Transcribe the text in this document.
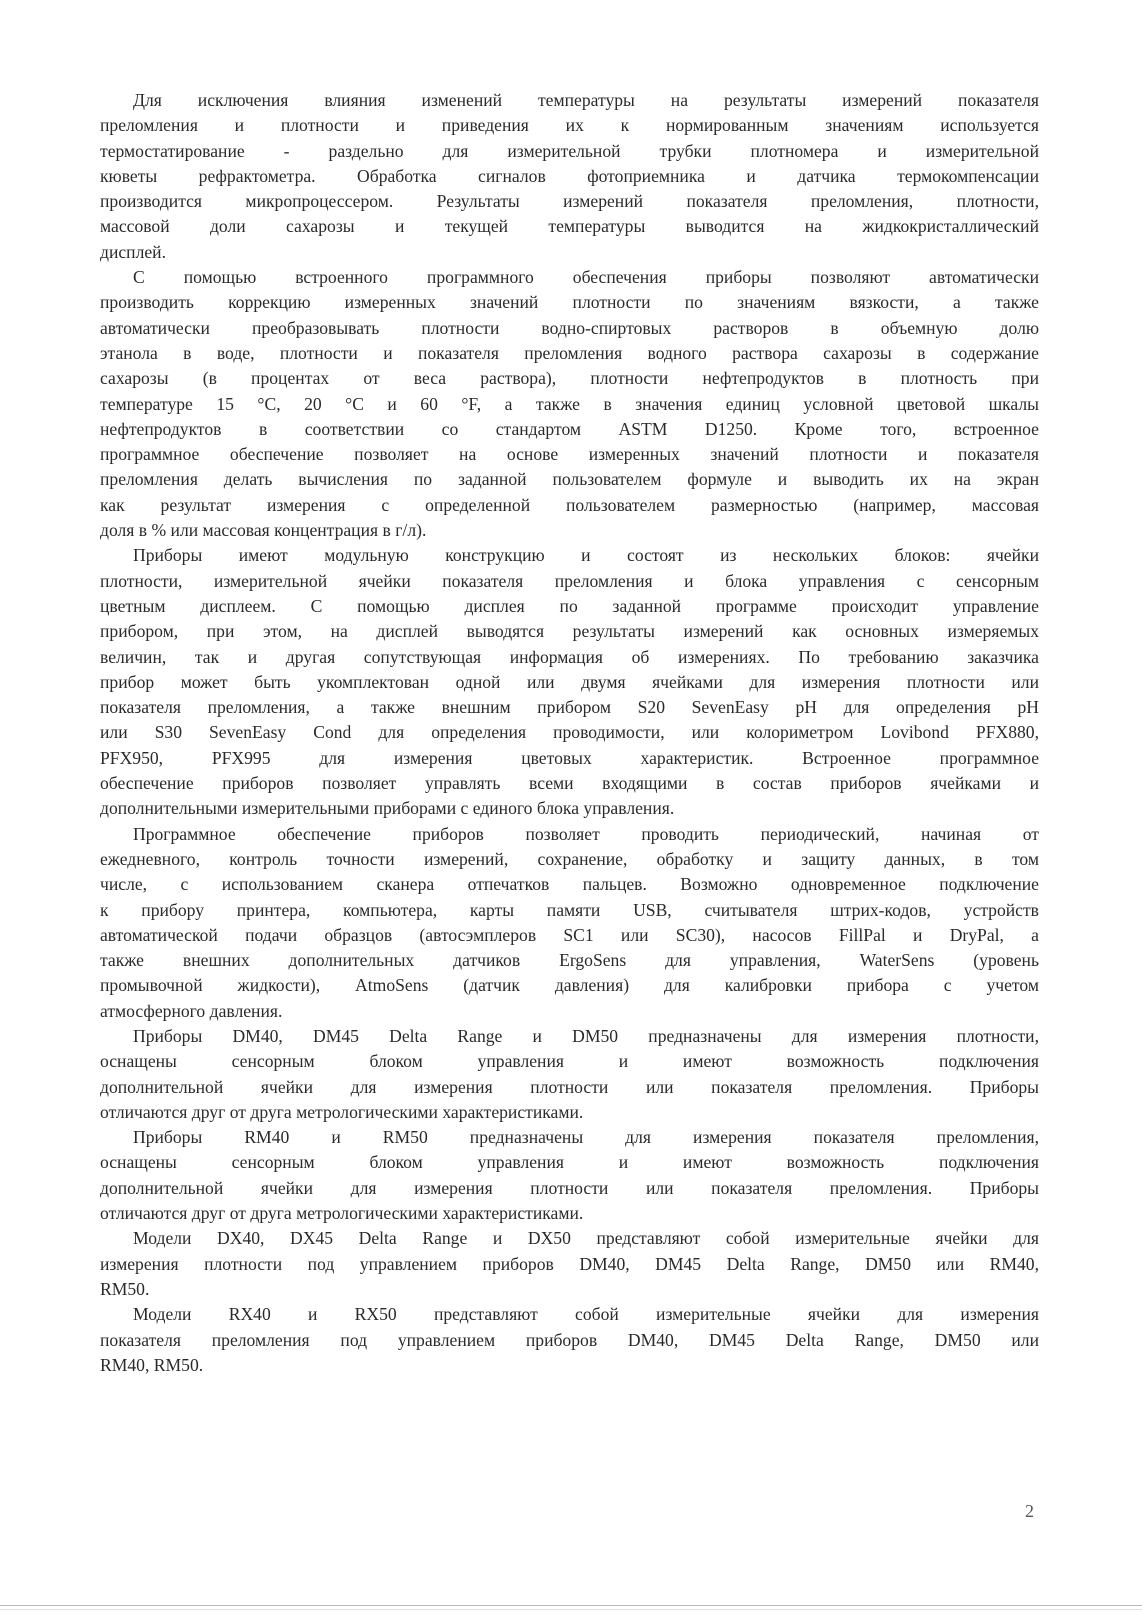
Для исключения влияния изменений температуры на результаты измерений показателя
преломления и плотности и приведения их к нормированным значениям используется
термостатирование - раздельно для измерительной трубки плотномера и измерительной
кюветы рефрактометра. Обработка сигналов фотоприемника и датчика термокомпенсации
производится микропроцессером. Результаты измерений показателя преломления, плотности,
массовой доли сахарозы и текущей температуры выводится на жидкокристаллический
дисплей.
С помощью встроенного программного обеспечения приборы позволяют автоматически
производить коррекцию измеренных значений плотности по значениям вязкости, а также
автоматически преобразовывать плотности водно-спиртовых растворов в объемную долю
этанола в воде, плотности и показателя преломления водного раствора сахарозы в содержание
сахарозы (в процентах от веса раствора), плотности нефтепродуктов в плотность при
температуре 15 °С, 20 °С и 60 °F, а также в значения единиц условной цветовой шкалы
нефтепродуктов в соответствии со стандартом ASTM D1250. Кроме того, встроенное
программное обеспечение позволяет на основе измеренных значений плотности и показателя
преломления делать вычисления по заданной пользователем формуле и выводить их на экран
как результат измерения с определенной пользователем размерностью (например, массовая
доля в % или массовая концентрация в г/л).
Приборы имеют модульную конструкцию и состоят из нескольких блоков: ячейки
плотности, измерительной ячейки показателя преломления и блока управления с сенсорным
цветным дисплеем. С помощью дисплея по заданной программе происходит управление
прибором, при этом, на дисплей выводятся результаты измерений как основных измеряемых
величин, так и другая сопутствующая информация об измерениях. По требованию заказчика
прибор может быть укомплектован одной или двумя ячейками для измерения плотности или
показателя преломления, а также внешним прибором S20 SevenEasy pH для определения pH
или S30 SevenEasy Cond для определения проводимости, или колориметром Lovibond PFX880,
PFX950, PFX995 для измерения цветовых характеристик. Встроенное программное
обеспечение приборов позволяет управлять всеми входящими в состав приборов ячейками и
дополнительными измерительными приборами с единого блока управления.
Программное обеспечение приборов позволяет проводить периодический, начиная от
ежедневного, контроль точности измерений, сохранение, обработку и защиту данных, в том
числе, с использованием сканера отпечатков пальцев. Возможно одновременное подключение
к прибору принтера, компьютера, карты памяти USB, считывателя штрих-кодов, устройств
автоматической подачи образцов (автосэмплеров SC1 или SC30), насосов FillPal и DryPal, а
также внешних дополнительных датчиков ErgoSens для управления, WaterSens (уровень
промывочной жидкости), AtmoSens (датчик давления) для калибровки прибора с учетом
атмосферного давления.
Приборы DM40, DM45 Delta Range и DM50 предназначены для измерения плотности,
оснащены сенсорным блоком управления и имеют возможность подключения
дополнительной ячейки для измерения плотности или показателя преломления. Приборы
отличаются друг от друга метрологическими характеристиками.
Приборы RM40 и RM50 предназначены для измерения показателя преломления,
оснащены сенсорным блоком управления и имеют возможность подключения
дополнительной ячейки для измерения плотности или показателя преломления. Приборы
отличаются друг от друга метрологическими характеристиками.
Модели DX40, DX45 Delta Range и DX50 представляют собой измерительные ячейки для
измерения плотности под управлением приборов DM40, DM45 Delta Range, DM50 или RM40,
RM50.
Модели RX40 и RX50 представляют собой измерительные ячейки для измерения
показателя преломления под управлением приборов DM40, DM45 Delta Range, DM50 или
RM40, RM50.
2
